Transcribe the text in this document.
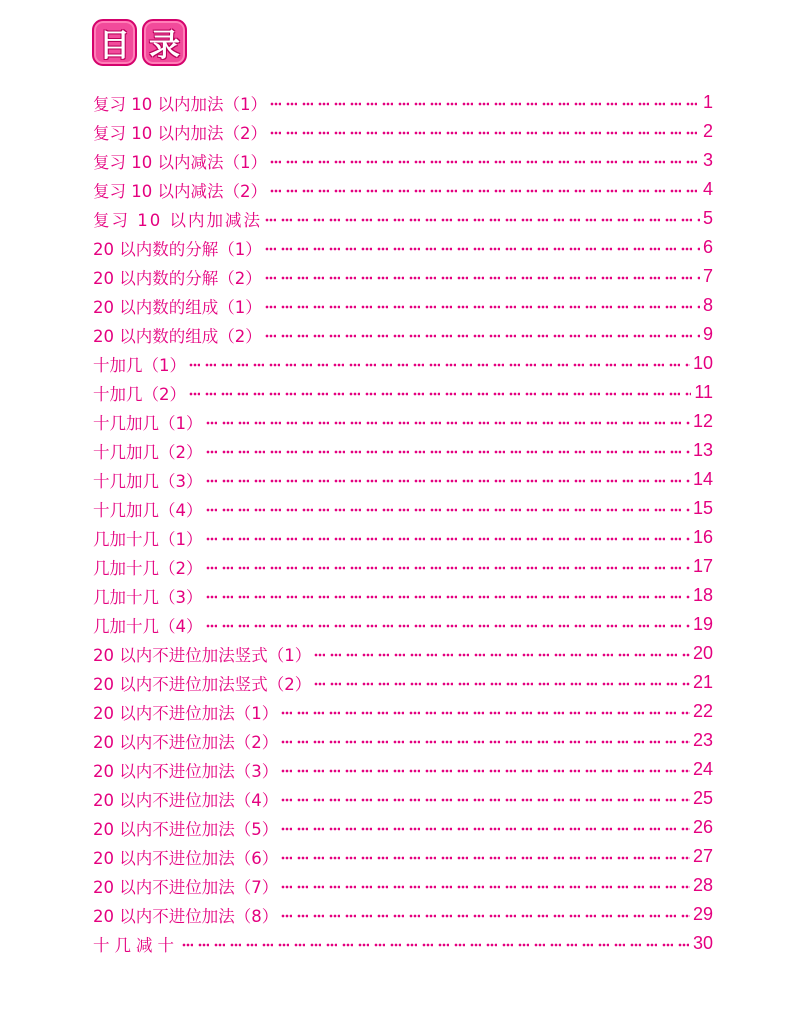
目 录
复习 10 以内加法（1）	1
复习 10 以内加法（2）	2
复习 10 以内减法（1）	3
复习 10 以内减法（2）	4
复习 10 以内加减法	5
20 以内数的分解（1）	6
20 以内数的分解（2）	7
20 以内数的组成（1）	8
20 以内数的组成（2）	9
十加几（1）	10
十加几（2）	11
十几加几（1）	12
十几加几（2）	13
十几加几（3）	14
十几加几（4）	15
几加十几（1）	16
几加十几（2）	17
几加十几（3）	18
几加十几（4）	19
20 以内不进位加法竖式（1）	20
20 以内不进位加法竖式（2）	21
20 以内不进位加法（1）	22
20 以内不进位加法（2）	23
20 以内不进位加法（3）	24
20 以内不进位加法（4）	25
20 以内不进位加法（5）	26
20 以内不进位加法（6）	27
20 以内不进位加法（7）	28
20 以内不进位加法（8）	29
十几减十	30
